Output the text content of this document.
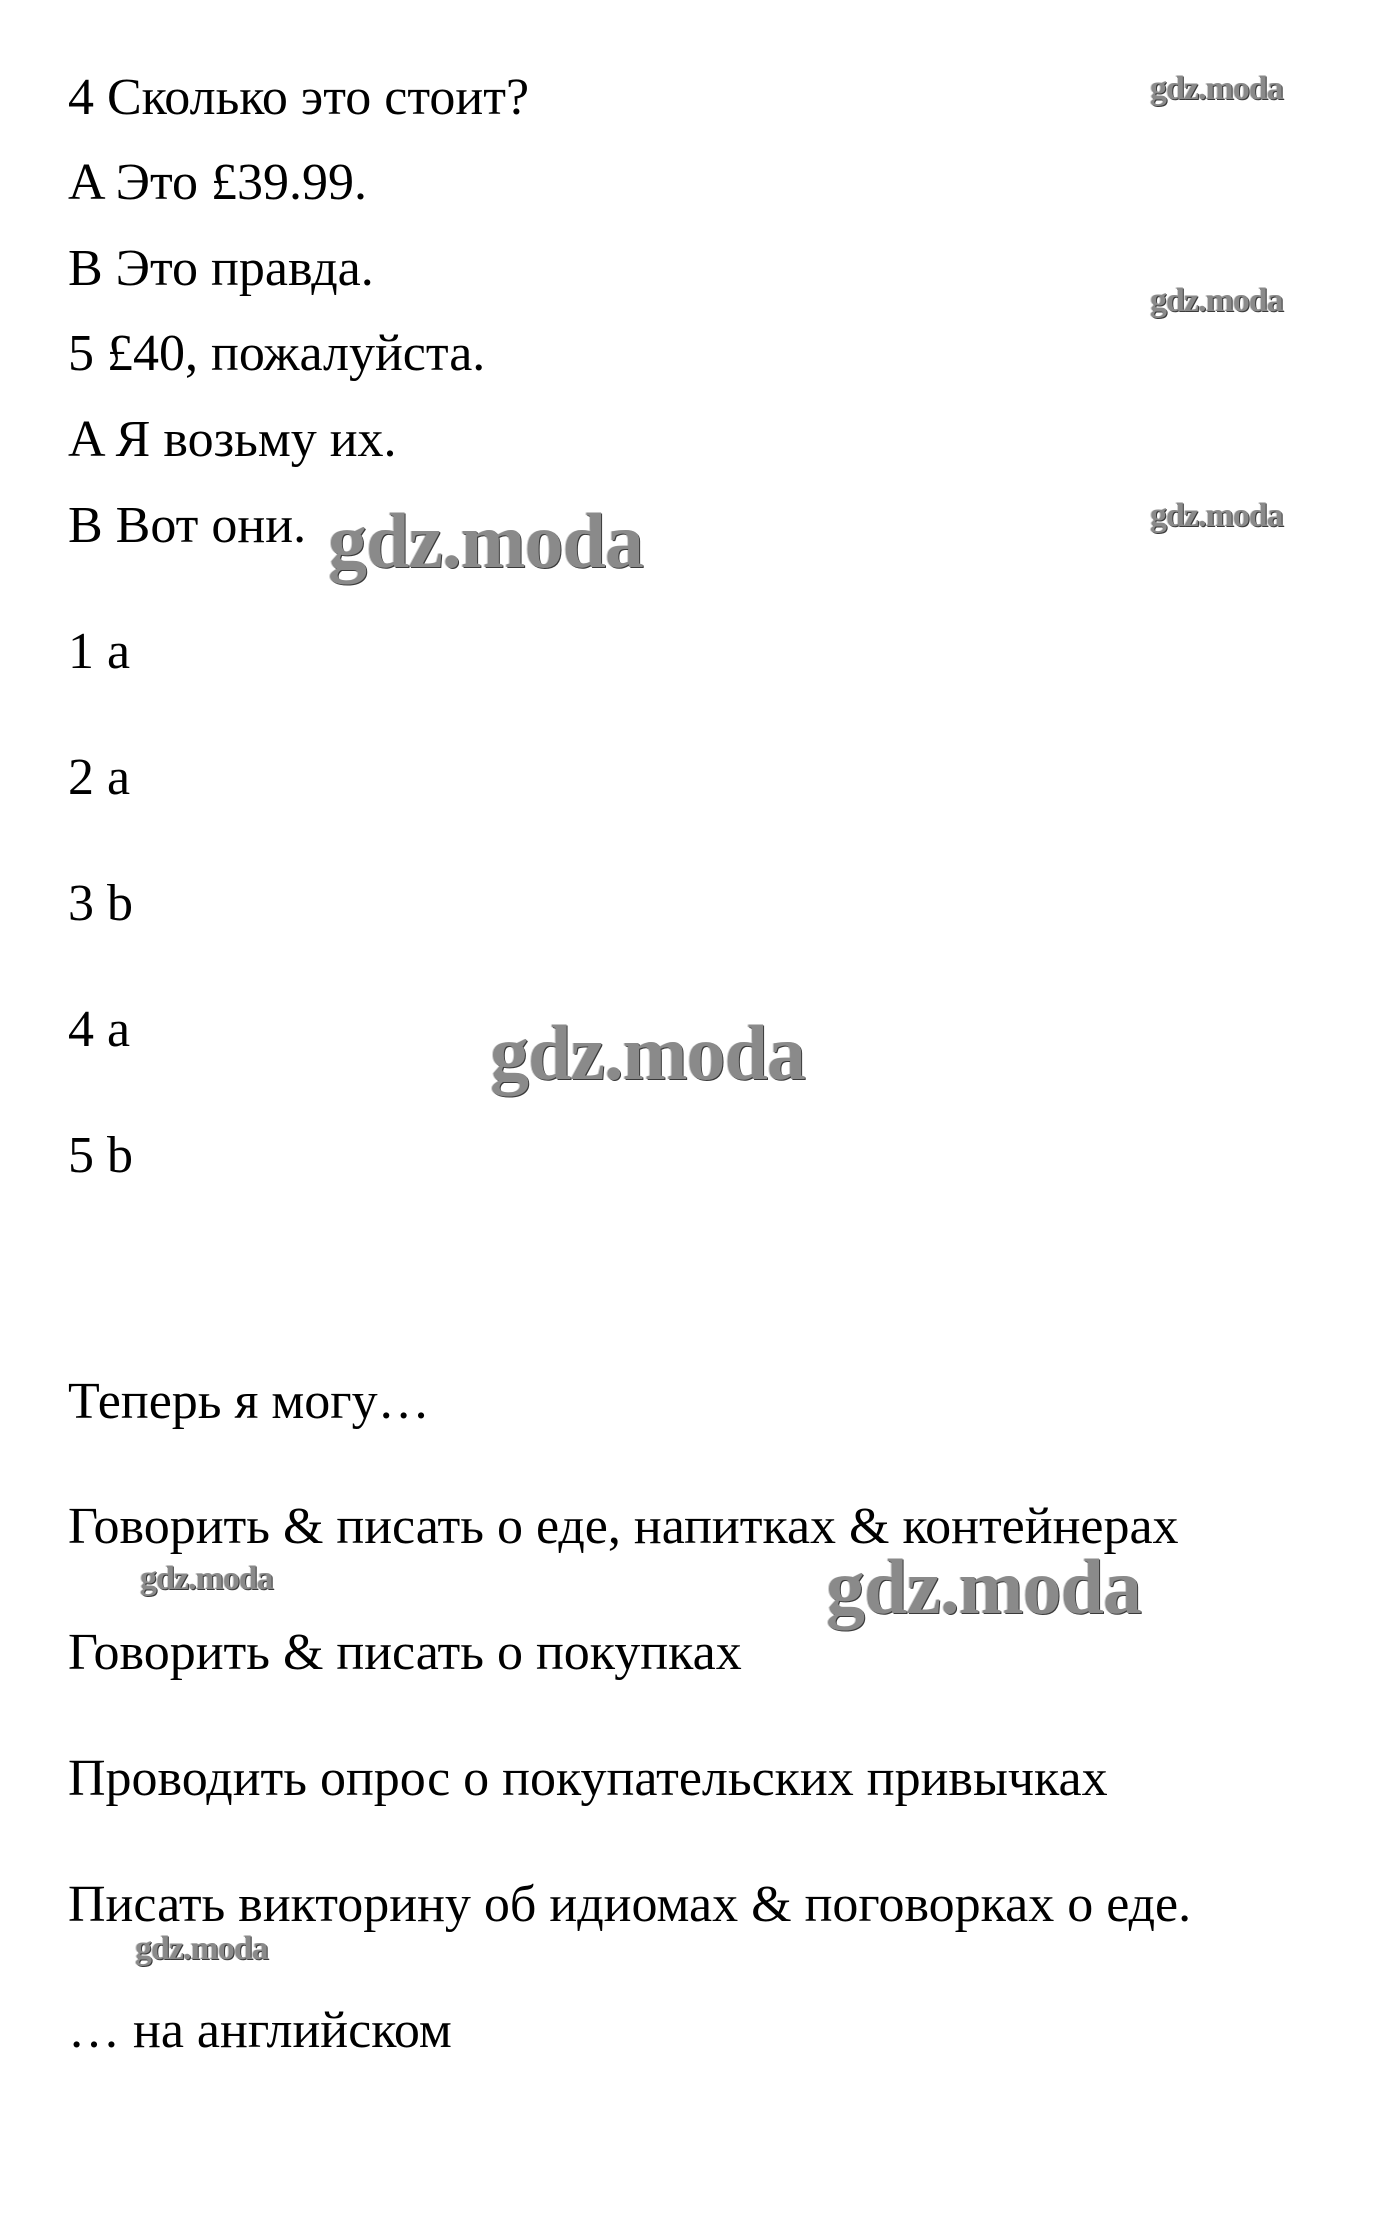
4 Сколько это стоит?
A Это £39.99.
B Это правда.
5 £40, пожалуйста.
A Я возьму их.
B Вот они.
1 a
2 a
3 b
4 a
5 b
Теперь я могу…
Говорить & писать о еде, напитках & контейнерах
Говорить & писать о покупках
Проводить опрос о покупательских привычках
Писать викторину об идиомах & поговорках о еде.
… на английском
gdz.moda
gdz.moda
gdz.moda
gdz.moda
gdz.moda
gdz.moda	gdz.moda
gdz.moda
